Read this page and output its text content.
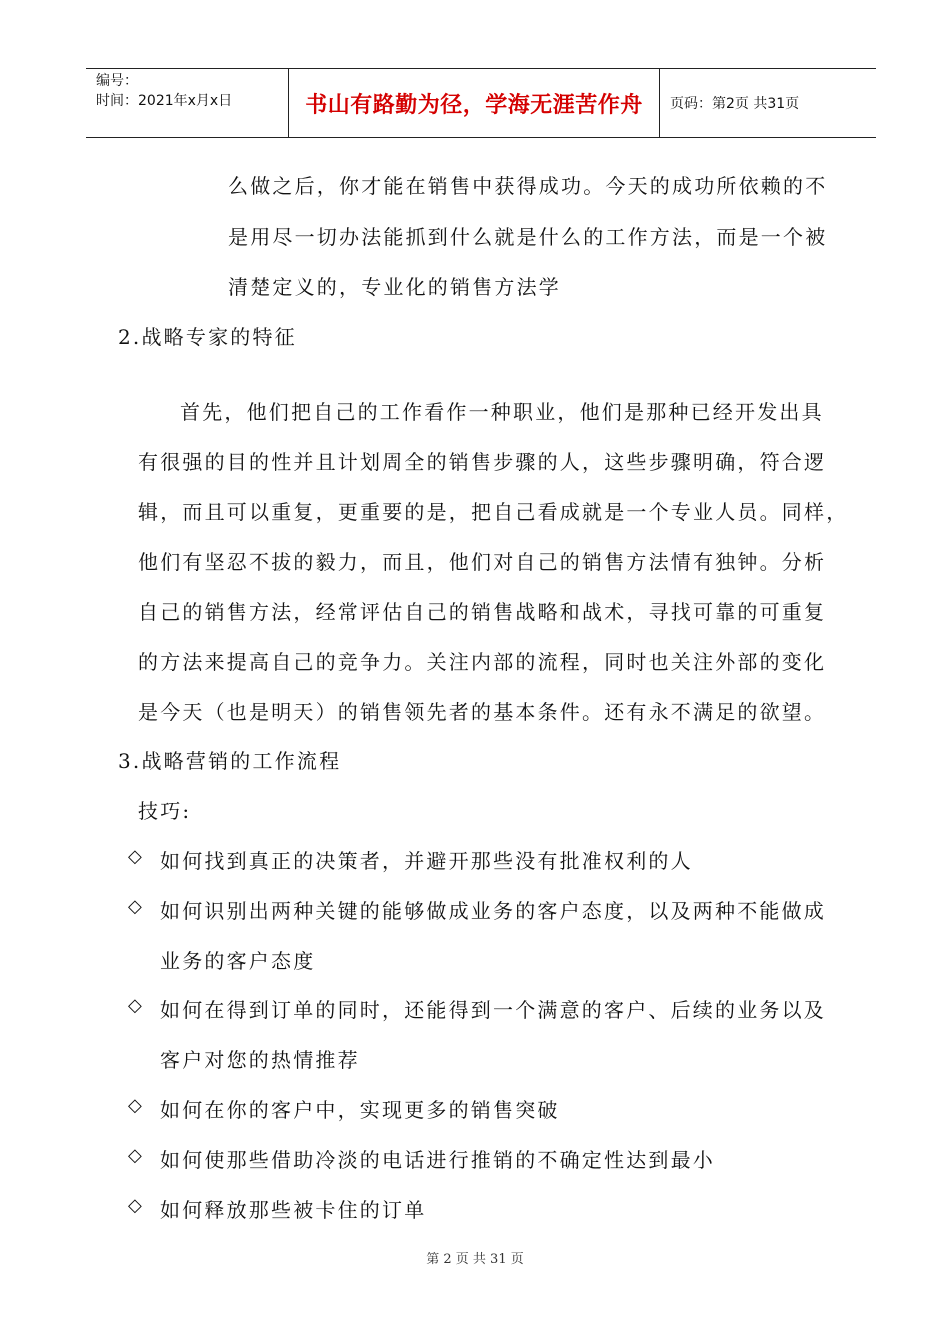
编号：
时间：2021年x月x日	书山有路勤为径，学海无涯苦作舟	页码：第2页 共31页
么做之后，你才能在销售中获得成功。今天的成功所依赖的不
是用尽一切办法能抓到什么就是什么的工作方法，而是一个被
清楚定义的，专业化的销售方法学
2.战略专家的特征
首先，他们把自己的工作看作一种职业，他们是那种已经开发出具
有很强的目的性并且计划周全的销售步骤的人，这些步骤明确，符合逻
辑，而且可以重复，更重要的是，把自己看成就是一个专业人员。同样，
他们有坚忍不拔的毅力，而且，他们对自己的销售方法情有独钟。分析
自己的销售方法，经常评估自己的销售战略和战术，寻找可靠的可重复
的方法来提高自己的竞争力。关注内部的流程，同时也关注外部的变化
是今天（也是明天）的销售领先者的基本条件。还有永不满足的欲望。
3.战略营销的工作流程
技巧:
◇ 如何找到真正的决策者，并避开那些没有批准权利的人
◇ 如何识别出两种关键的能够做成业务的客户态度，以及两种不能做成
业务的客户态度
◇ 如何在得到订单的同时，还能得到一个满意的客户、后续的业务以及
客户对您的热情推荐
◇ 如何在你的客户中，实现更多的销售突破
◇ 如何使那些借助冷淡的电话进行推销的不确定性达到最小
◇ 如何释放那些被卡住的订单
第 2 页 共 31 页
